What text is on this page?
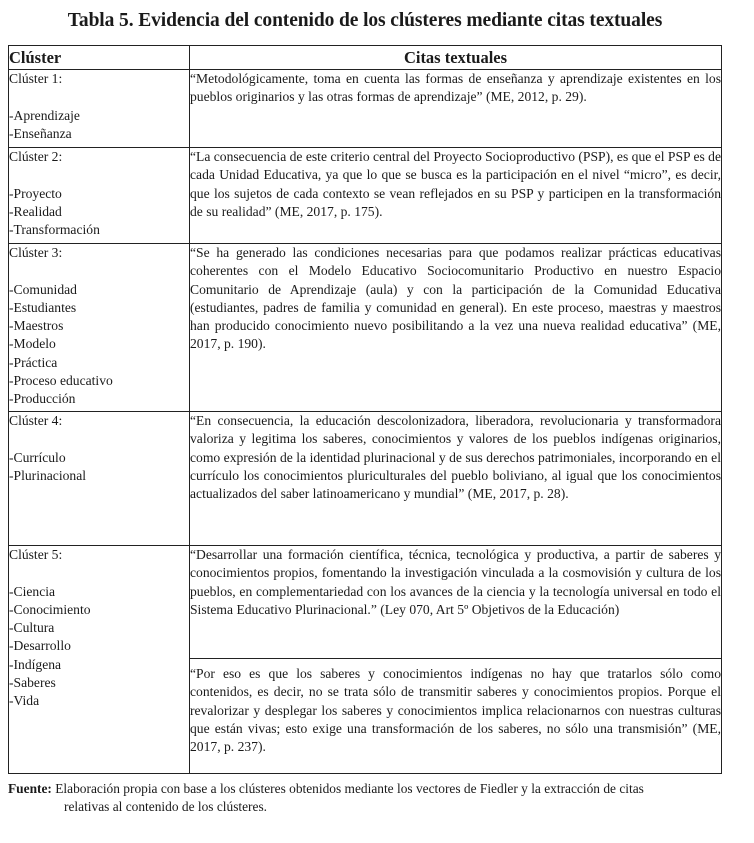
Tabla 5. Evidencia del contenido de los clústeres mediante citas textuales
Clúster	Citas textuales

Clúster 1:
-Aprendizaje
-Enseñanza	“Metodológicamente, toma en cuenta las formas de enseñanza y aprendizaje existentes en los pueblos originarios y las otras formas de aprendizaje” (ME, 2012, p. 29).

Clúster 2:
-Proyecto
-Realidad
-Transformación
	“La consecuencia de este criterio central del Proyecto Socioproductivo (PSP), es que el PSP es de cada Unidad Educativa, ya que lo que se busca es la participación en el nivel “micro”, es decir, que los sujetos de cada contexto se vean reflejados en su PSP y participen en la transformación de su realidad” (ME, 2017, p. 175).

Clúster 3:
-Comunidad
-Estudiantes
-Maestros
-Modelo
-Práctica
-Proceso educativo
-Producción
	“Se ha generado las condiciones necesarias para que podamos realizar prácticas educativas coherentes con el Modelo Educativo Sociocomunitario Productivo en nuestro Espacio Comunitario de Aprendizaje (aula) y con la participación de la Comunidad Educativa (estudiantes, padres de familia y comunidad en general). En este proceso, maestras y maestros han producido conocimiento nuevo posibilitando a la vez una nueva realidad educativa” (ME, 2017, p. 190).

Clúster 4:
-Currículo
-Plurinacional
	“En consecuencia, la educación descolonizadora, liberadora, revolucionaria y transformadora valoriza y legitima los saberes, conocimientos y valores de los pueblos indígenas originarios, como expresión de la identidad plurinacional y de sus derechos patrimoniales, incorporando en el currículo los conocimientos pluriculturales del pueblo boliviano, al igual que los conocimientos actualizados del saber latinoamericano y mundial” (ME, 2017, p. 28).

Clúster 5:
-Ciencia
-Conocimiento
-Cultura
-Desarrollo
-Indígena
-Saberes
-Vida
	“Desarrollar una formación científica, técnica, tecnológica y productiva, a partir de saberes y conocimientos propios, fomentando la investigación vinculada a la cosmovisión y cultura de los pueblos, en complementariedad con los avances de la ciencia y la tecnología universal en todo el Sistema Educativo Plurinacional.” (Ley 070, Art 5º Objetivos de la Educación)
	“Por eso es que los saberes y conocimientos indígenas no hay que tratarlos sólo como contenidos, es decir, no se trata sólo de transmitir saberes y conocimientos propios. Porque el revalorizar y desplegar los saberes y conocimientos implica relacionarnos con nuestras culturas que están vivas; esto exige una transformación de los saberes, no sólo una transmisión” (ME, 2017, p. 237).
Fuente: Elaboración propia con base a los clústeres obtenidos mediante los vectores de Fiedler y la extracción de citas
relativas al contenido de los clústeres.
